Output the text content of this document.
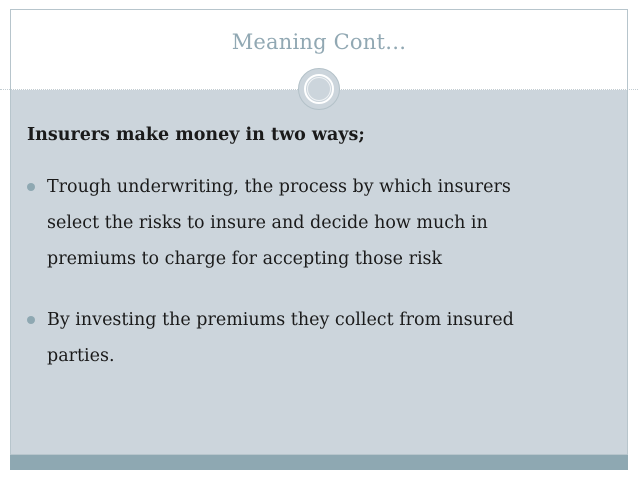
Meaning Cont…
Insurers make money in two ways;
Trough underwriting, the process by which insurers
select the risks to insure and decide how much in
premiums to charge for accepting those risk
By investing the premiums they collect from insured
parties.
